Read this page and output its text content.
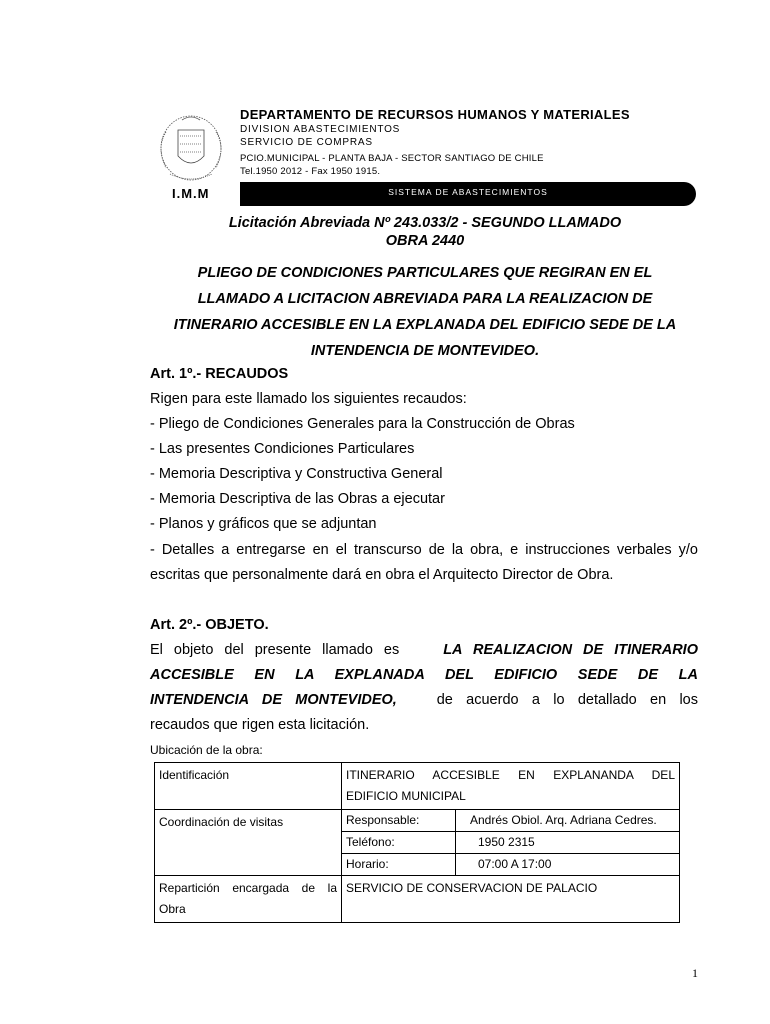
I.M.M
DEPARTAMENTO DE RECURSOS HUMANOS Y MATERIALES
DIVISION ABASTECIMIENTOS
SERVICIO DE COMPRAS
PCIO.MUNICIPAL - PLANTA BAJA - SECTOR SANTIAGO DE CHILE
Tel.1950 2012 - Fax 1950 1915.
SISTEMA DE ABASTECIMIENTOS
Licitación Abreviada Nº 243.033/2 - SEGUNDO LLAMADO
OBRA 2440
PLIEGO DE CONDICIONES PARTICULARES QUE REGIRAN EN EL
LLAMADO A LICITACION ABREVIADA PARA LA REALIZACION DE
ITINERARIO ACCESIBLE EN LA EXPLANADA DEL EDIFICIO SEDE DE LA
INTENDENCIA DE MONTEVIDEO.
Art. 1º.- RECAUDOS
Rigen para este llamado los siguientes recaudos:
- Pliego de Condiciones Generales para la Construcción de Obras
- Las presentes Condiciones Particulares
- Memoria Descriptiva y Constructiva General
- Memoria Descriptiva de las Obras a ejecutar
- Planos y gráficos que se adjuntan
- Detalles a entregarse en el transcurso de la obra, e instrucciones verbales y/o
escritas que personalmente dará en obra el Arquitecto Director de Obra.
Art. 2º.- OBJETO.
El objeto del presente llamado es	LA REALIZACION DE ITINERARIO
ACCESIBLE EN LA EXPLANADA DEL EDIFICIO SEDE DE LA
INTENDENCIA DE MONTEVIDEO,	de acuerdo a lo detallado en los
recaudos que rigen esta licitación.
Ubicación de la obra:
Identificación	ITINERARIO ACCESIBLE EN EXPLANANDA DEL
EDIFICIO MUNICIPAL

Coordinación de visitas		Responsable:	Andrés Obiol. Arq. Adriana Cedres.
Teléfono:	1950 2315
Horario:	07:00 A 17:00

Repartición encargada de la
Obra
	SERVICIO DE CONSERVACION DE PALACIO
1
